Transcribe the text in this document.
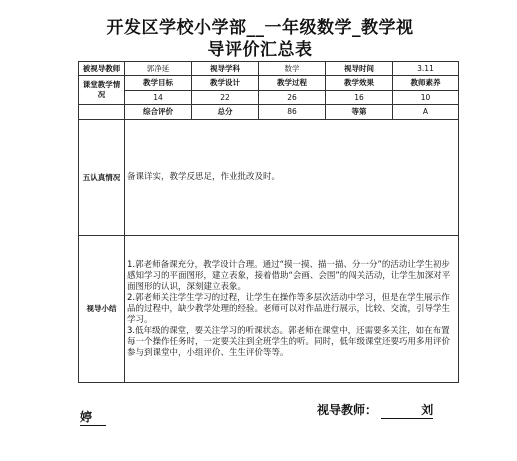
开发区学校小学部__一年级数学_教学视
导评价汇总表
被视导教师	郭净延	视导学科	数学	视导时间	3.11
课堂教学情况	教学目标	教学设计	教学过程	教学效果	教师素养
	14	22	26	16	10
	综合评价	总分	86	等第	A
五认真情况	备课详实，教学反思足，作业批改及时。				
视导小结	1.郭老师备课充分，教学设计合理。通过“摸一摸、描一描、分一分”的活动让学生初步感知学习的平面图形，建立表象，接着借助“会画、会围”的闯关活动，让学生加深对平面图形的认识，深刻建立表象。
2.郭老师关注学生学习的过程，让学生在操作等多层次活动中学习，但是在学生展示作品的过程中，缺少教学处理的经验。老师可以对作品进行展示，比较、交流，引导学生学习。
3.低年级的课堂，要关注学习的听课状态。郭老师在课堂中，还需要多关注，如在布置每一个操作任务时，一定要关注到全班学生的听。同时，低年级课堂还要巧用多用评价参与到课堂中，小组评价、生生评价等等。				
视导教师：	刘
婷
